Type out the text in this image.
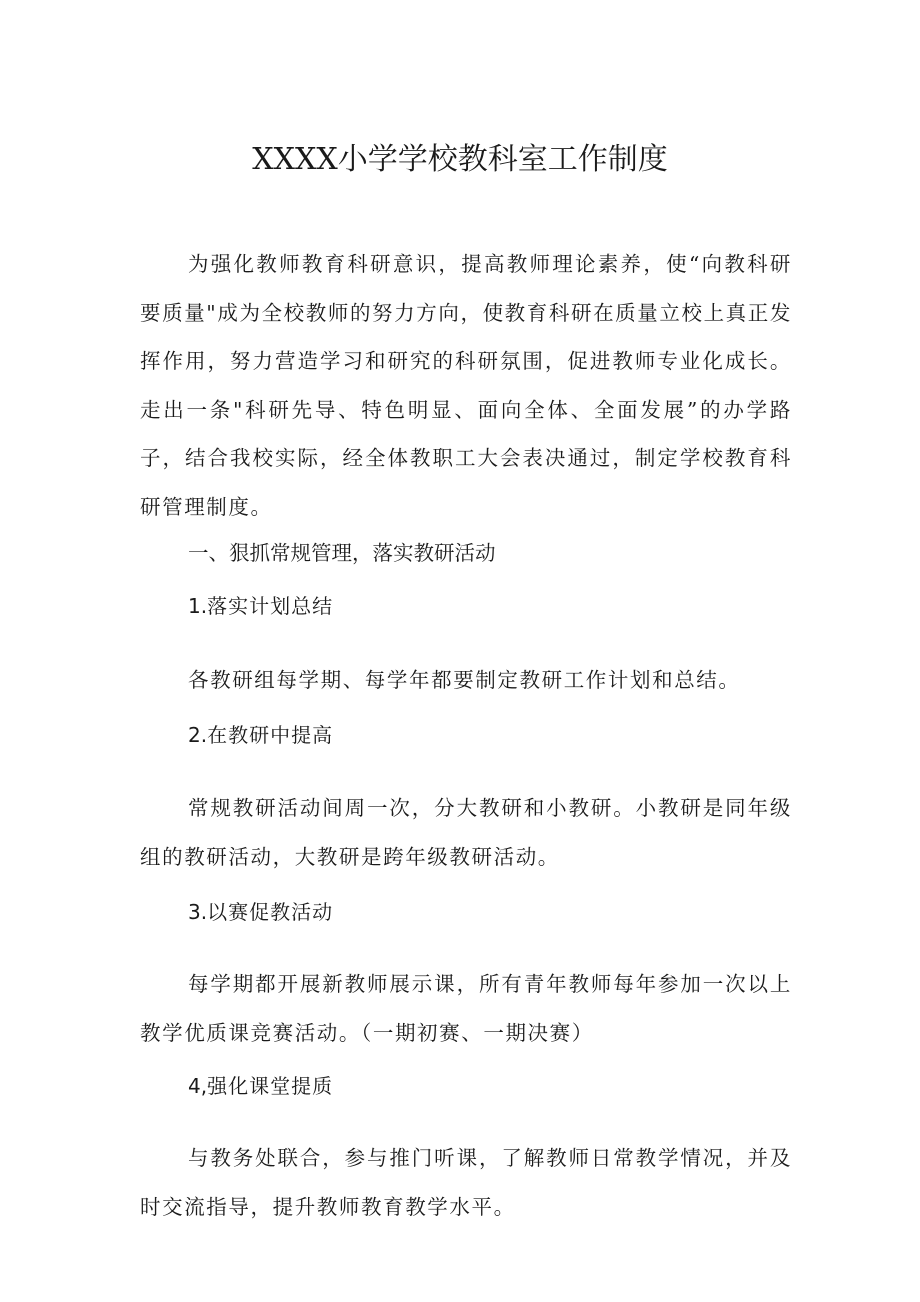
XXXX小学学校教科室工作制度

为强化教师教育科研意识，提高教师理论素养，使“向教科研要质量"成为全校教师的努力方向，使教育科研在质量立校上真正发挥作用，努力营造学习和研究的科研氛围，促进教师专业化成长。走出一条"科研先导、特色明显、面向全体、全面发展”的办学路子，结合我校实际，经全体教职工大会表决通过，制定学校教育科研管理制度。

一、狠抓常规管理，落实教研活动

1.落实计划总结

各教研组每学期、每学年都要制定教研工作计划和总结。

2.在教研中提高

常规教研活动间周一次，分大教研和小教研。小教研是同年级组的教研活动，大教研是跨年级教研活动。

3.以赛促教活动

每学期都开展新教师展示课，所有青年教师每年参加一次以上教学优质课竞赛活动。（一期初赛、一期决赛）

4,强化课堂提质

与教务处联合，参与推门听课，了解教师日常教学情况，并及时交流指导，提升教师教育教学水平。
